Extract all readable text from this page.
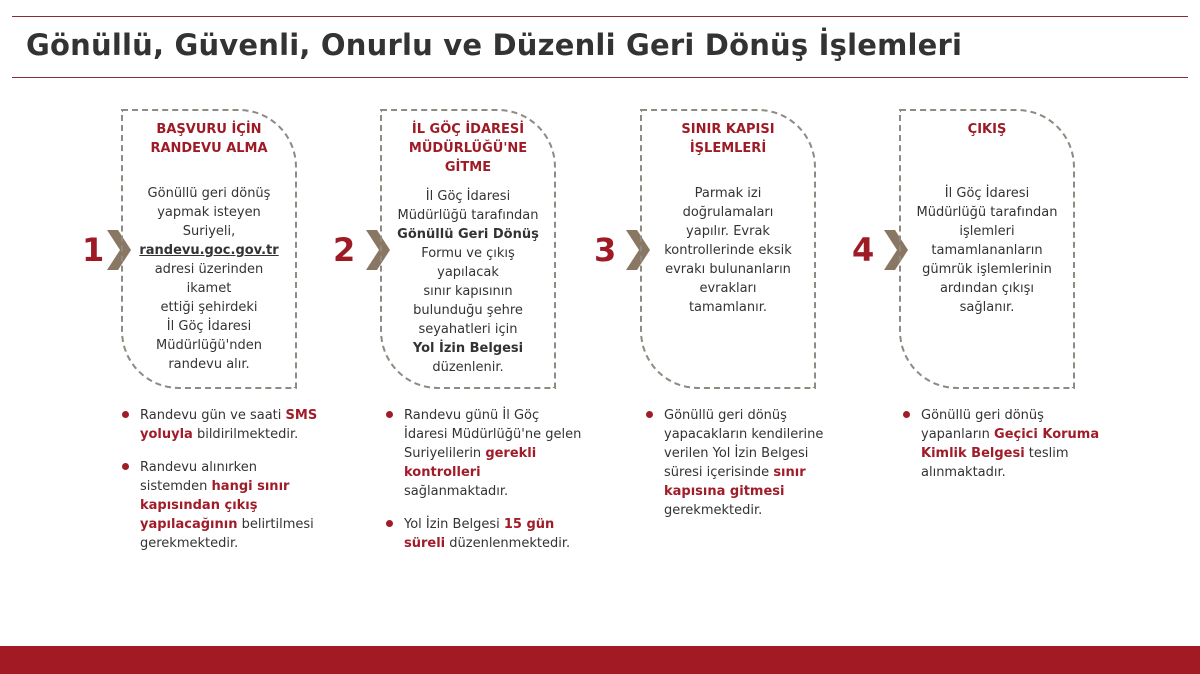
Gönüllü, Güvenli, Onurlu ve Düzenli Geri Dönüş İşlemleri
1
BAŞVURU İÇİN
RANDEVU ALMA
Gönüllü geri dönüş
yapmak isteyen
Suriyeli,
randevu.goc.gov.tr
adresi üzerinden
ikamet
ettiği şehirdeki
İl Göç İdaresi
Müdürlüğü'nden
randevu alır.
Randevu gün ve saati SMS yoluyla bildirilmektedir.
Randevu alınırken sistemden hangi sınır kapısından çıkış yapılacağının belirtilmesi gerekmektedir.
2
İL GÖÇ İDARESİ
MÜDÜRLÜĞÜ'NE
GİTME
İl Göç İdaresi
Müdürlüğü tarafından
Gönüllü Geri Dönüş
Formu ve çıkış
yapılacak
sınır kapısının
bulunduğu şehre
seyahatleri için
Yol İzin Belgesi
düzenlenir.
Randevu günü İl Göç İdaresi Müdürlüğü'ne gelen Suriyelilerin gerekli kontrolleri sağlanmaktadır.
Yol İzin Belgesi 15 gün süreli düzenlenmektedir.
3
SINIR KAPISI
İŞLEMLERİ
Parmak izi
doğrulamaları
yapılır. Evrak
kontrollerinde eksik
evrakı bulunanların
evrakları
tamamlanır.
Gönüllü geri dönüş yapacakların kendilerine verilen Yol İzin Belgesi süresi içerisinde sınır kapısına gitmesi gerekmektedir.
4
ÇIKIŞ
İl Göç İdaresi
Müdürlüğü tarafından
işlemleri
tamamlananların
gümrük işlemlerinin
ardından çıkışı
sağlanır.
Gönüllü geri dönüş yapanların Geçici Koruma Kimlik Belgesi teslim alınmaktadır.
